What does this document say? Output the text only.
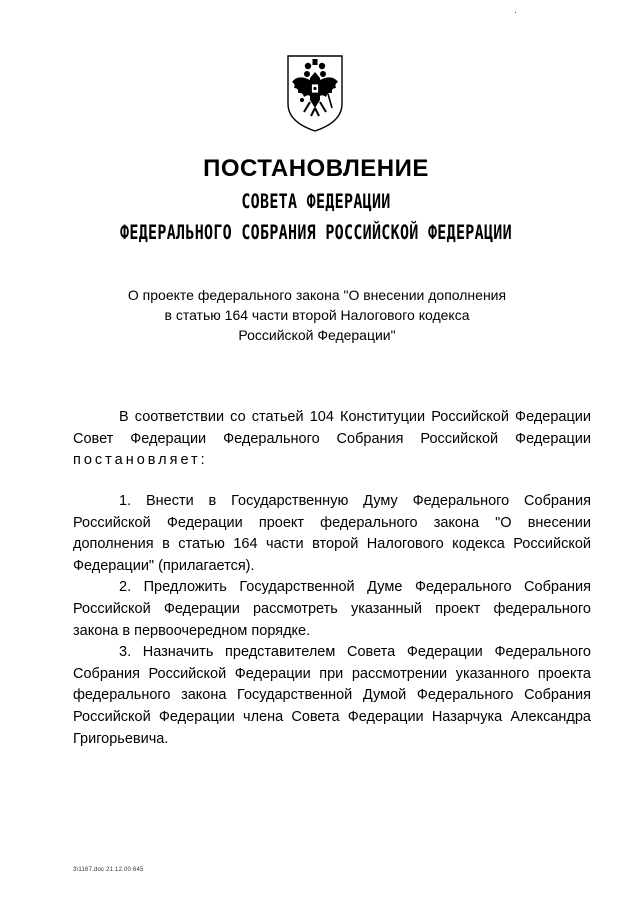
ПОСТАНОВЛЕНИЕ
СОВЕТА ФЕДЕРАЦИИ
ФЕДЕРАЛЬНОГО СОБРАНИЯ РОССИЙСКОЙ ФЕДЕРАЦИИ
О проекте федерального закона "О внесении дополнения
в статью 164 части второй Налогового кодекса
Российской Федерации"

В соответствии со статьей 104 Конституции Российской Федерации Совет Федерации Федерального Собрания Российской Федерации постановляет:

1. Внести в Государственную Думу Федерального Собрания Российской Федерации проект федерального закона "О внесении дополнения в статью 164 части второй Налогового кодекса Российской Федерации" (прилагается).

2. Предложить Государственной Думе Федерального Собрания Российской Федерации рассмотреть указанный проект федерального закона в первоочередном порядке.

3. Назначить представителем Совета Федерации Федерального Собрания Российской Федерации при рассмотрении указанного проекта федерального закона Государственной Думой Федерального Собрания Российской Федерации члена Совета Федерации Назарчука Александра Григорьевича.

3\1167.doc 21.12.00 645
